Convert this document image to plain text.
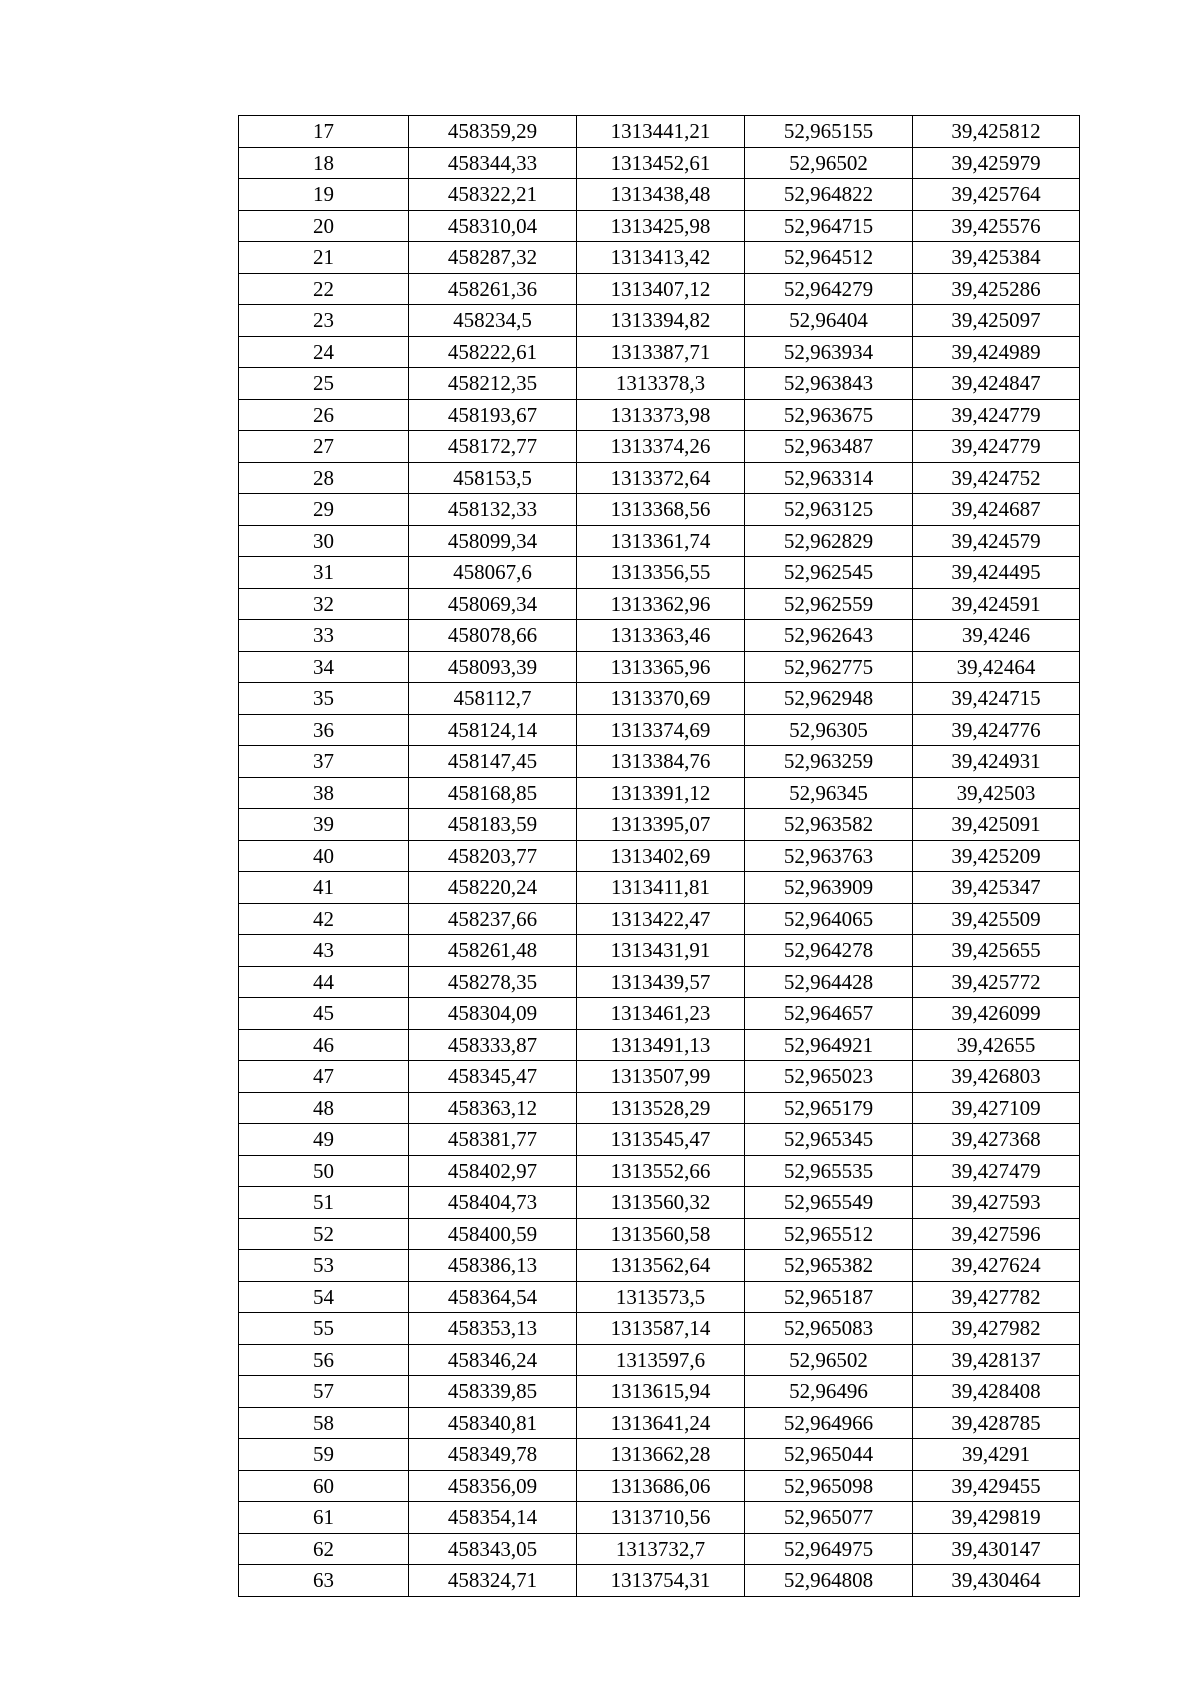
17	458359,29	1313441,21	52,965155	39,425812
18	458344,33	1313452,61	52,96502	39,425979
19	458322,21	1313438,48	52,964822	39,425764
20	458310,04	1313425,98	52,964715	39,425576
21	458287,32	1313413,42	52,964512	39,425384
22	458261,36	1313407,12	52,964279	39,425286
23	458234,5	1313394,82	52,96404	39,425097
24	458222,61	1313387,71	52,963934	39,424989
25	458212,35	1313378,3	52,963843	39,424847
26	458193,67	1313373,98	52,963675	39,424779
27	458172,77	1313374,26	52,963487	39,424779
28	458153,5	1313372,64	52,963314	39,424752
29	458132,33	1313368,56	52,963125	39,424687
30	458099,34	1313361,74	52,962829	39,424579
31	458067,6	1313356,55	52,962545	39,424495
32	458069,34	1313362,96	52,962559	39,424591
33	458078,66	1313363,46	52,962643	39,4246
34	458093,39	1313365,96	52,962775	39,42464
35	458112,7	1313370,69	52,962948	39,424715
36	458124,14	1313374,69	52,96305	39,424776
37	458147,45	1313384,76	52,963259	39,424931
38	458168,85	1313391,12	52,96345	39,42503
39	458183,59	1313395,07	52,963582	39,425091
40	458203,77	1313402,69	52,963763	39,425209
41	458220,24	1313411,81	52,963909	39,425347
42	458237,66	1313422,47	52,964065	39,425509
43	458261,48	1313431,91	52,964278	39,425655
44	458278,35	1313439,57	52,964428	39,425772
45	458304,09	1313461,23	52,964657	39,426099
46	458333,87	1313491,13	52,964921	39,42655
47	458345,47	1313507,99	52,965023	39,426803
48	458363,12	1313528,29	52,965179	39,427109
49	458381,77	1313545,47	52,965345	39,427368
50	458402,97	1313552,66	52,965535	39,427479
51	458404,73	1313560,32	52,965549	39,427593
52	458400,59	1313560,58	52,965512	39,427596
53	458386,13	1313562,64	52,965382	39,427624
54	458364,54	1313573,5	52,965187	39,427782
55	458353,13	1313587,14	52,965083	39,427982
56	458346,24	1313597,6	52,96502	39,428137
57	458339,85	1313615,94	52,96496	39,428408
58	458340,81	1313641,24	52,964966	39,428785
59	458349,78	1313662,28	52,965044	39,4291
60	458356,09	1313686,06	52,965098	39,429455
61	458354,14	1313710,56	52,965077	39,429819
62	458343,05	1313732,7	52,964975	39,430147
63	458324,71	1313754,31	52,964808	39,430464
